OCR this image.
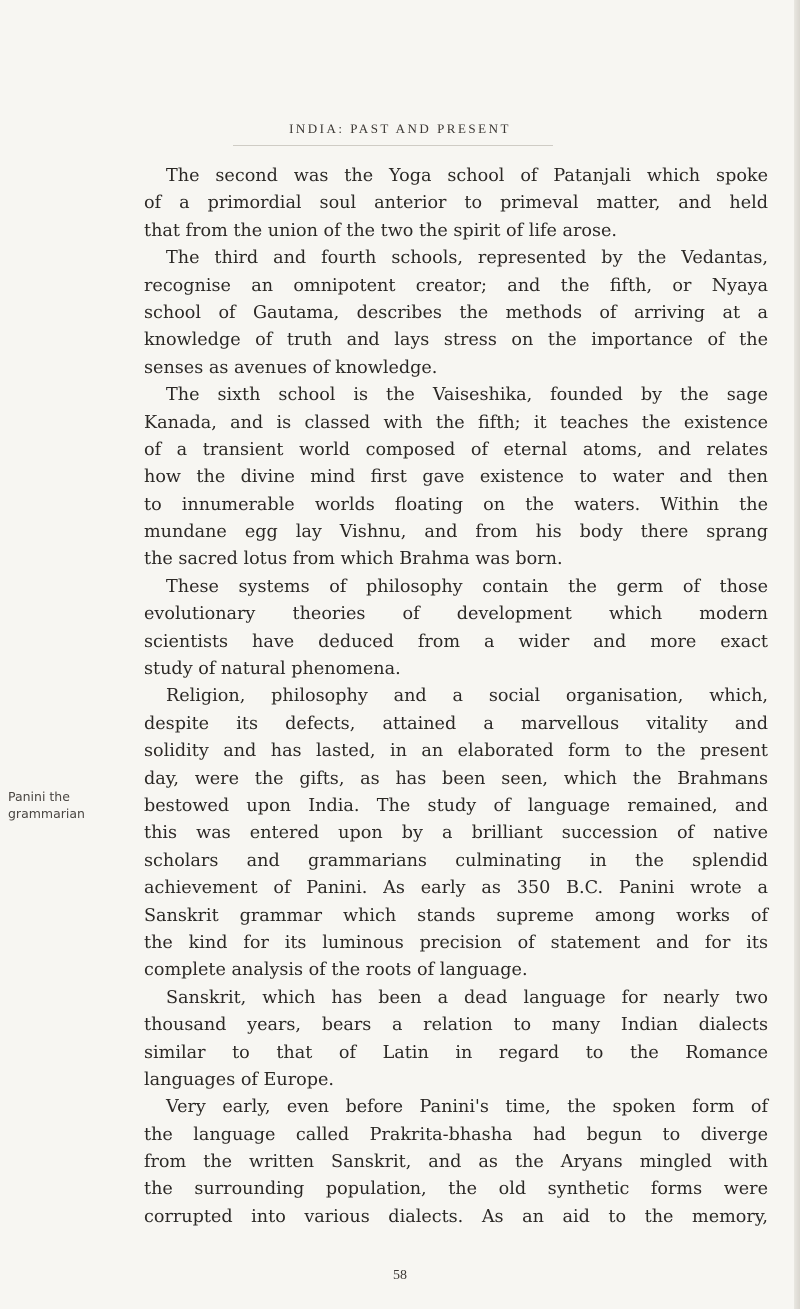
INDIA: PAST AND PRESENT
Panini the
grammarian
The second was the Yoga school of Patanjali which spoke
of a primordial soul anterior to primeval matter, and held
that from the union of the two the spirit of life arose.
The third and fourth schools, represented by the Vedantas,
recognise an omnipotent creator; and the fifth, or Nyaya
school of Gautama, describes the methods of arriving at a
knowledge of truth and lays stress on the importance of the
senses as avenues of knowledge.
The sixth school is the Vaiseshika, founded by the sage
Kanada, and is classed with the fifth; it teaches the existence
of a transient world composed of eternal atoms, and relates
how the divine mind first gave existence to water and then
to innumerable worlds floating on the waters. Within the
mundane egg lay Vishnu, and from his body there sprang
the sacred lotus from which Brahma was born.
These systems of philosophy contain the germ of those
evolutionary theories of development which modern
scientists have deduced from a wider and more exact
study of natural phenomena.
Religion, philosophy and a social organisation, which,
despite its defects, attained a marvellous vitality and
solidity and has lasted, in an elaborated form to the present
day, were the gifts, as has been seen, which the Brahmans
bestowed upon India. The study of language remained, and
this was entered upon by a brilliant succession of native
scholars and grammarians culminating in the splendid
achievement of Panini. As early as 350 B.C. Panini wrote a
Sanskrit grammar which stands supreme among works of
the kind for its luminous precision of statement and for its
complete analysis of the roots of language.
Sanskrit, which has been a dead language for nearly two
thousand years, bears a relation to many Indian dialects
similar to that of Latin in regard to the Romance
languages of Europe.
Very early, even before Panini's time, the spoken form of
the language called Prakrita-bhasha had begun to diverge
from the written Sanskrit, and as the Aryans mingled with
the surrounding population, the old synthetic forms were
corrupted into various dialects. As an aid to the memory,
58
